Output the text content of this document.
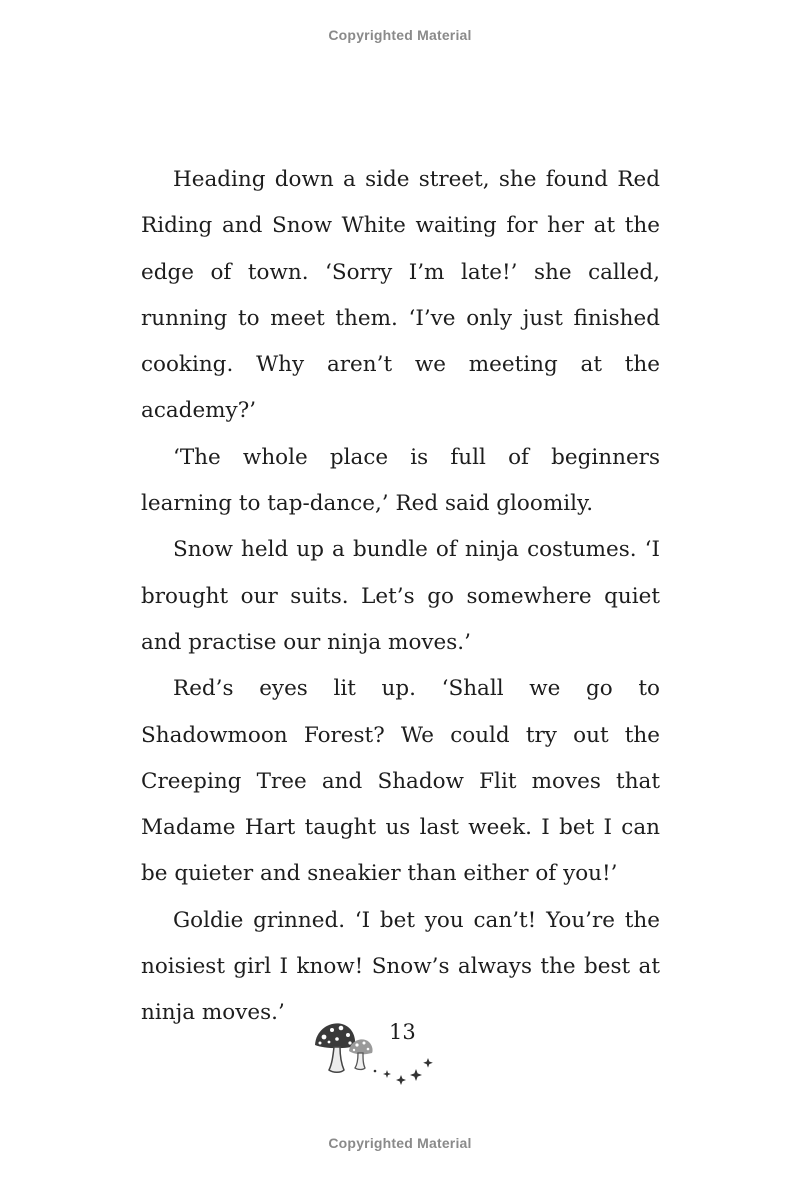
Copyrighted Material

Heading down a side street, she found Red Riding and Snow White waiting for her at the edge of town. ‘Sorry I’m late!’ she called, running to meet them. ‘I’ve only just finished cooking. Why aren’t we meeting at the academy?’

‘The whole place is full of beginners learning to tap-dance,’ Red said gloomily.

Snow held up a bundle of ninja costumes. ‘I brought our suits. Let’s go somewhere quiet and practise our ninja moves.’

Red’s eyes lit up. ‘Shall we go to Shadowmoon Forest? We could try out the Creeping Tree and Shadow Flit moves that Madame Hart taught us last week. I bet I can be quieter and sneakier than either of you!’

Goldie grinned. ‘I bet you can’t! You’re the noisiest girl I know! Snow’s always the best at ninja moves.’

13
Copyrighted Material
